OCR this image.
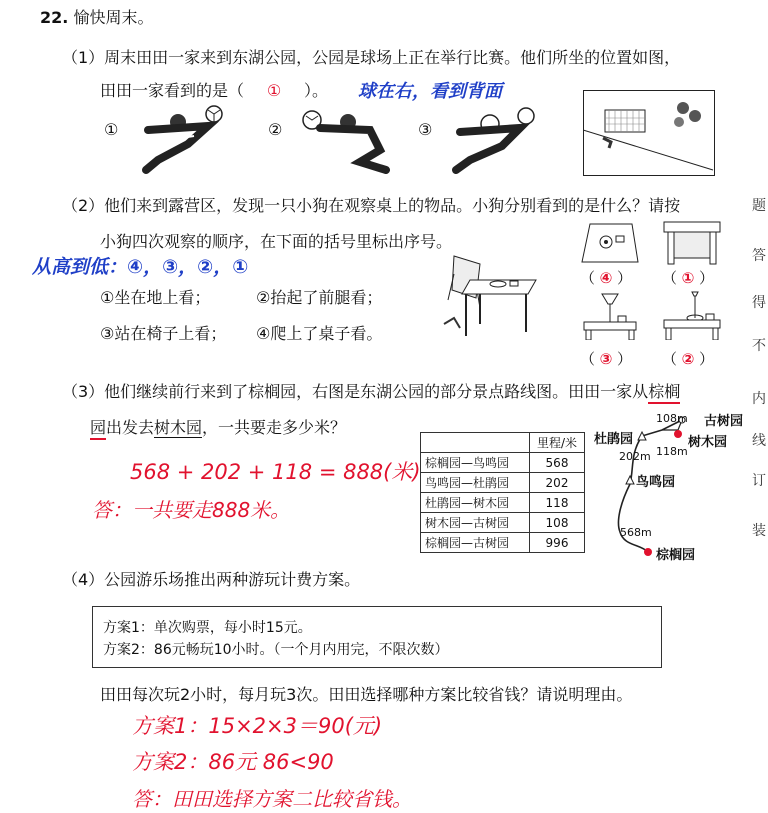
22. 愉快周末。
（1）周末田田一家来到东湖公园，公园是球场上正在举行比赛。他们所坐的位置如图，
田田一家看到的是（ ① ）。 球在右，看到背面
①	②	③
（2）他们来到露营区，发现一只小狗在观察桌上的物品。小狗分别看到的是什么？请按
小狗四次观察的顺序，在下面的括号里标出序号。
从高到低：④，③，②，①
①坐在地上看；	②抬起了前腿看；
③站在椅子上看； ④爬上了桌子看。
（ ④ ） （ ① ）
（ ③ ） （ ② ）
（3）他们继续前行来到了棕榈园，右图是东湖公园的部分景点路线图。田田一家从棕榈
园出发去树木园，一共要走多少米？
568 + 202 + 118 = 888(米)
答：一共要走888米。
	里程/米
棕榈园—鸟鸣园	568
鸟鸣园—杜鹃园	202
杜鹃园—树木园	118
树木园—古树园	108
棕榈园—古树园	996
古树园
树木园
杜鹃园
鸟鸣园
棕榈园
108m
118m
202m
568m
（4）公园游乐场推出两种游玩计费方案。
方案1：单次购票，每小时15元。
方案2：86元畅玩10小时。（一个月内用完，不限次数）
田田每次玩2小时，每月玩3次。田田选择哪种方案比较省钱？请说明理由。
方案1：15×2×3＝90(元)
方案2：86元 86<90
答：田田选择方案二比较省钱。
题
答
得
不
内
线
订
装
